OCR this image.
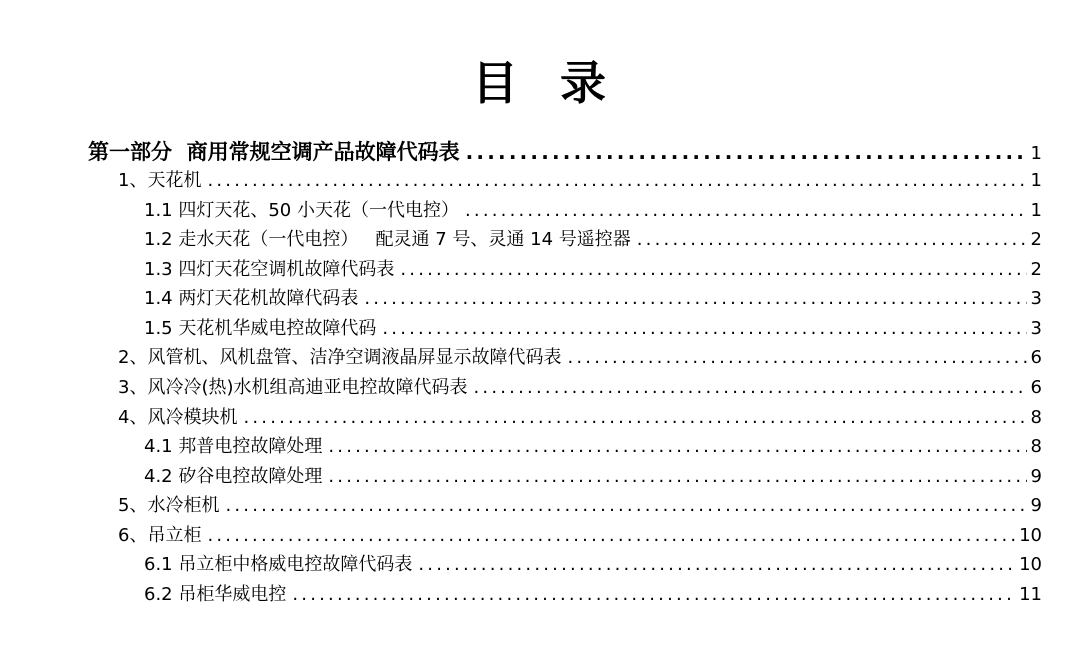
目 录
第一部分  商用常规空调产品故障代码表 .....	1
1、天花机 .....	1
1.1 四灯天花、50 小天花（一代电控） .....	1
1.2 走水天花（一代电控）   配灵通 7 号、灵通 14 号遥控器 .....	2
1.3 四灯天花空调机故障代码表 .....	2
1.4 两灯天花机故障代码表 .....	3
1.5 天花机华威电控故障代码 .....	3
2、风管机、风机盘管、洁净空调液晶屏显示故障代码表 .....	6
3、风冷冷(热)水机组高迪亚电控故障代码表 .....	6
4、风冷模块机 .....	8
4.1 邦普电控故障处理 .....	8
4.2 矽谷电控故障处理 .....	9
5、水冷柜机 .....	9
6、吊立柜 .....	10
6.1 吊立柜中格威电控故障代码表 .....	10
6.2 吊柜华威电控 .....	11
